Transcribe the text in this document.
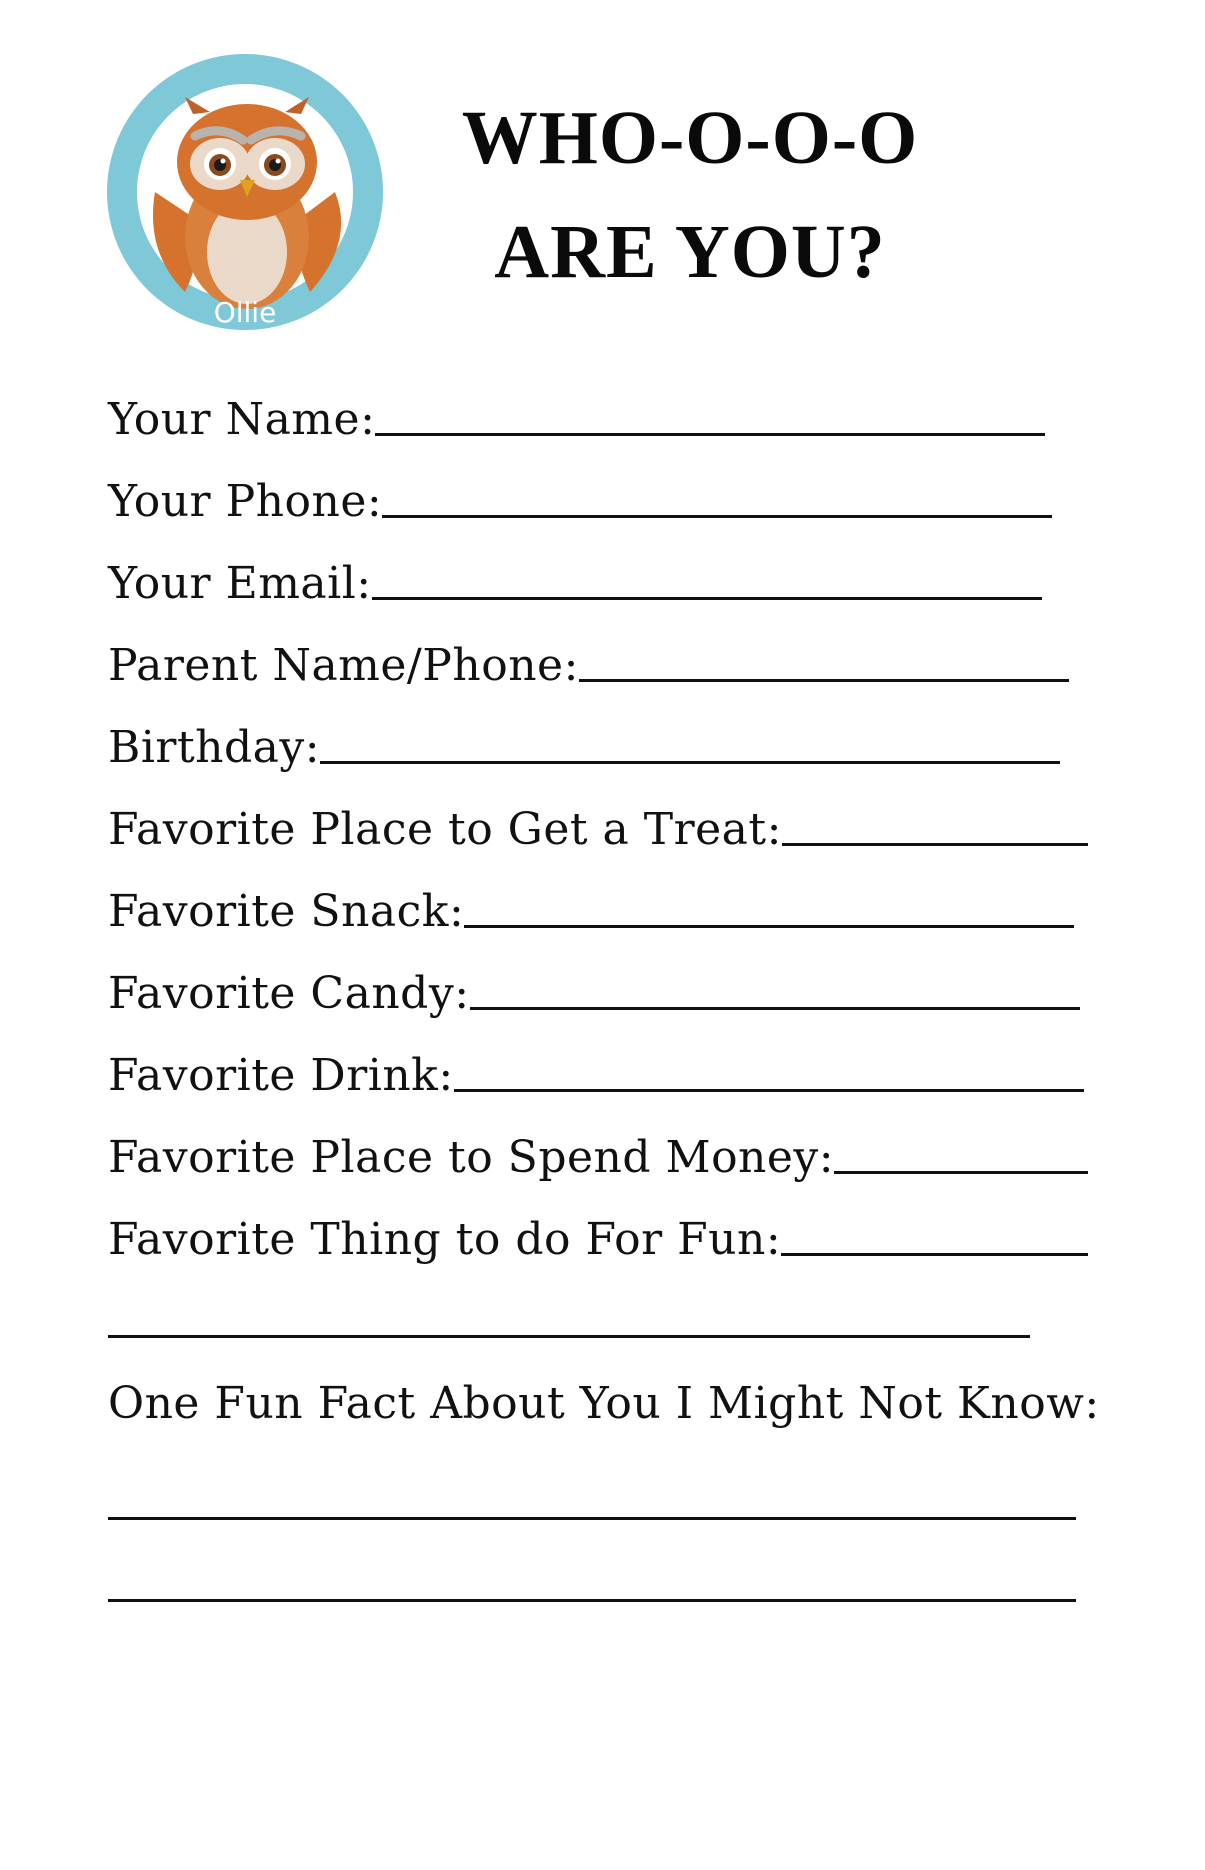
Ollie
WHO-O-O-O
ARE YOU?
Your Name:
Your Phone:
Your Email:
Parent Name/Phone:
Birthday:
Favorite Place to Get a Treat:
Favorite Snack:
Favorite Candy:
Favorite Drink:
Favorite Place to Spend Money:
Favorite Thing to do For Fun:
One Fun Fact About You I Might Not Know:
